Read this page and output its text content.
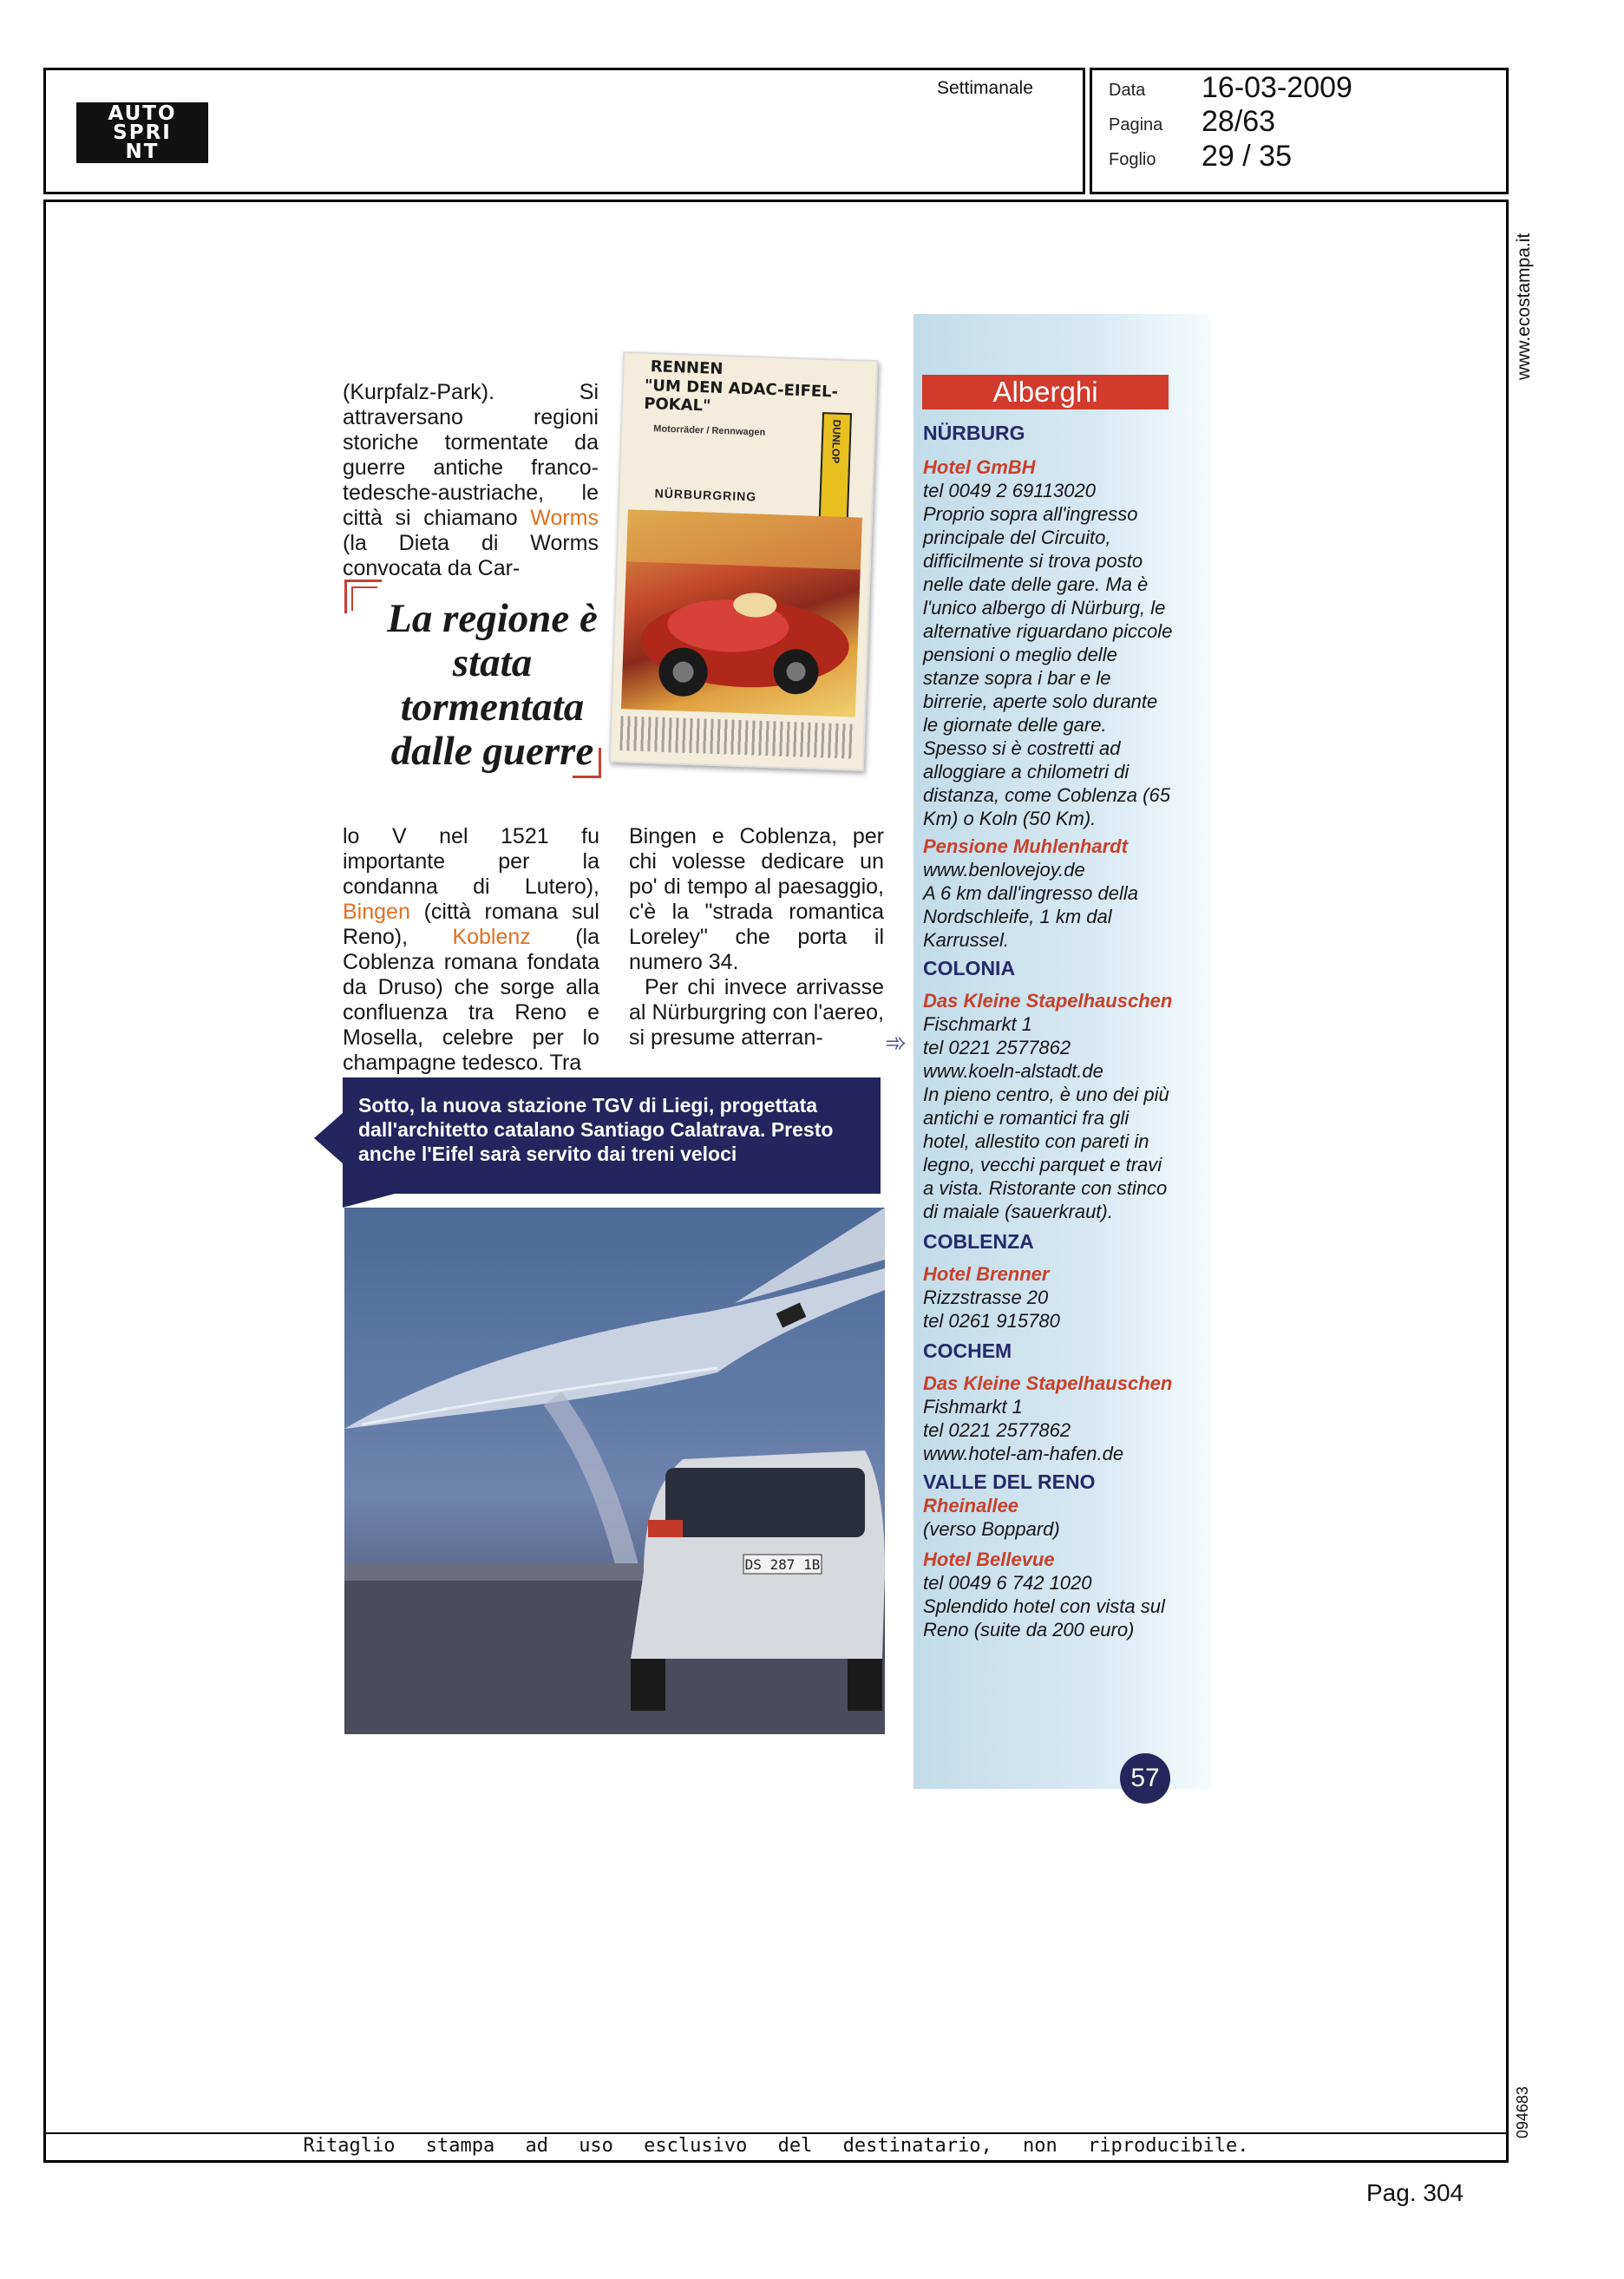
AUTO
SPRI
NT
Settimanale	Data 16-03-2009
Pagina 28/63
Foglio 29 / 35
Ritaglio stampa ad uso esclusivo del destinatario, non riproducibile.
www.ecostampa.it
094683
Pag. 304

(Kurpfalz-Park). Si attraversano regioni storiche tormentate da guerre antiche franco-tedesche-austriache, le città si chiamano Worms (la Dieta di Worms convocata da Car-

La regione è stata tormentata dalle guerre
RENNEN
"UM DEN ADAC-EIFEL-POKAL"
Motorräder / Rennwagen
NÜRBURGRING
DUNLOP

lo V nel 1521 fu importante per la condanna di Lutero), Bingen (città romana sul Reno), Koblenz (la Coblenza romana fondata da Druso) che sorge alla confluenza tra Reno e Mosella, celebre per lo champagne tedesco. Tra

Bingen e Coblenza, per chi volesse dedicare un po' di tempo al paesaggio, c'è la "strada romantica Loreley" che porta il numero 34.

Per chi invece arrivasse al Nürburgring con l'aereo, si presume atterran-	➾
Sotto, la nuova stazione TGV di Liegi, progettata dall'architetto catalano Santiago Calatrava. Presto anche l'Eifel sarà servito dai treni veloci
DS 287 1B
Alberghi

NÜRBURG

Hotel GmBH

tel 0049 2 69113020

Proprio sopra all'ingresso principale del Circuito, difficilmente si trova posto nelle date delle gare. Ma è l'unico albergo di Nürburg, le alternative riguardano piccole pensioni o meglio delle stanze sopra i bar e le birrerie, aperte solo durante le giornate delle gare. Spesso si è costretti ad alloggiare a chilometri di distanza, come Coblenza (65 Km) o Koln (50 Km).

Pensione Muhlenhardt

www.benlovejoy.de

A 6 km dall'ingresso della Nordschleife, 1 km dal Karrussel.

COLONIA

Das Kleine Stapelhauschen

Fischmarkt 1

tel 0221 2577862

www.koeln-alstadt.de

In pieno centro, è uno dei più antichi e romantici fra gli hotel, allestito con pareti in legno, vecchi parquet e travi a vista. Ristorante con stinco di maiale (sauerkraut).

COBLENZA

Hotel Brenner

Rizzstrasse 20

tel 0261 915780

COCHEM

Das Kleine Stapelhauschen

Fishmarkt 1

tel 0221 2577862

www.hotel-am-hafen.de

VALLE DEL RENO

Rheinallee

(verso Boppard)

Hotel Bellevue

tel 0049 6 742 1020

Splendido hotel con vista sul Reno (suite da 200 euro)

57
